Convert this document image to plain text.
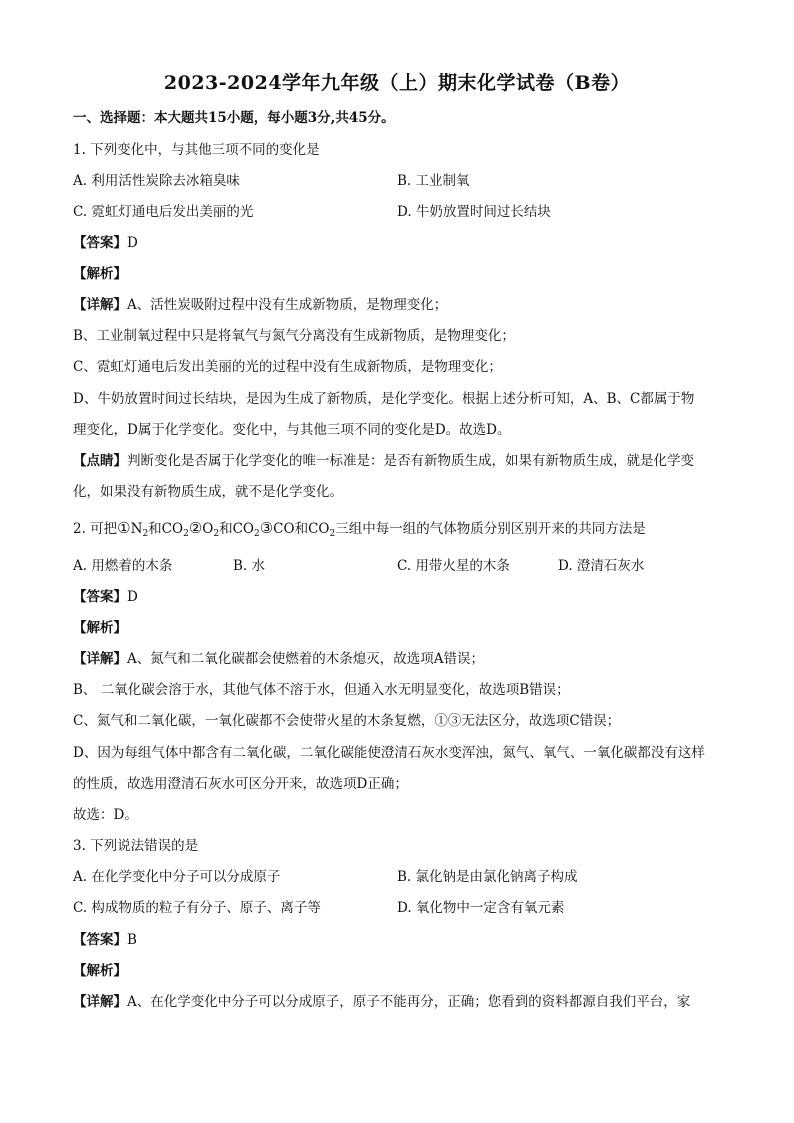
2023-2024学年九年级（上）期末化学试卷（B卷）
一、选择题：本大题共15小题，每小题3分,共45分。
1. 下列变化中，与其他三项不同的变化是
A. 利用活性炭除去冰箱臭味	B. 工业制氧
C. 霓虹灯通电后发出美丽的光	D. 牛奶放置时间过长结块
【答案】D
【解析】
【详解】A、活性炭吸附过程中没有生成新物质，是物理变化；
B、工业制氧过程中只是将氧气与氮气分离没有生成新物质，是物理变化；
C、霓虹灯通电后发出美丽的光的过程中没有生成新物质，是物理变化；
D、牛奶放置时间过长结块，是因为生成了新物质，是化学变化。根据上述分析可知，A、B、C都属于物
理变化，D属于化学变化。变化中，与其他三项不同的变化是D。故选D。
【点睛】判断变化是否属于化学变化的唯一标准是：是否有新物质生成，如果有新物质生成，就是化学变
化，如果没有新物质生成，就不是化学变化。
2. 可把$①N_2$和$CO_2②O_2$和$CO_2③CO$和$CO_2$三组中每一组的气体物质分别区别开来的共同方法是
A. 用燃着的木条	B. 水	C. 用带火星的木条	D. 澄清石灰水
【答案】D
【解析】
【详解】A、氮气和二氧化碳都会使燃着的木条熄灭，故选项A错误；
B、 二氧化碳会溶于水，其他气体不溶于水，但通入水无明显变化，故选项B错误；
C、氮气和二氧化碳，一氧化碳都不会使带火星的木条复燃，①③无法区分，故选项C错误；
D、因为每组气体中都含有二氧化碳，二氧化碳能使澄清石灰水变浑浊，氮气、氧气、一氧化碳都没有这样
的性质，故选用澄清石灰水可区分开来，故选项D正确；
故选：D。
3. 下列说法错误的是
A. 在化学变化中分子可以分成原子	B. 氯化钠是由氯化钠离子构成
C. 构成物质的粒子有分子、原子、离子等	D. 氧化物中一定含有氧元素
【答案】B
【解析】
【详解】A、在化学变化中分子可以分成原子，原子不能再分，正确；您看到的资料都源自我们平台，家
